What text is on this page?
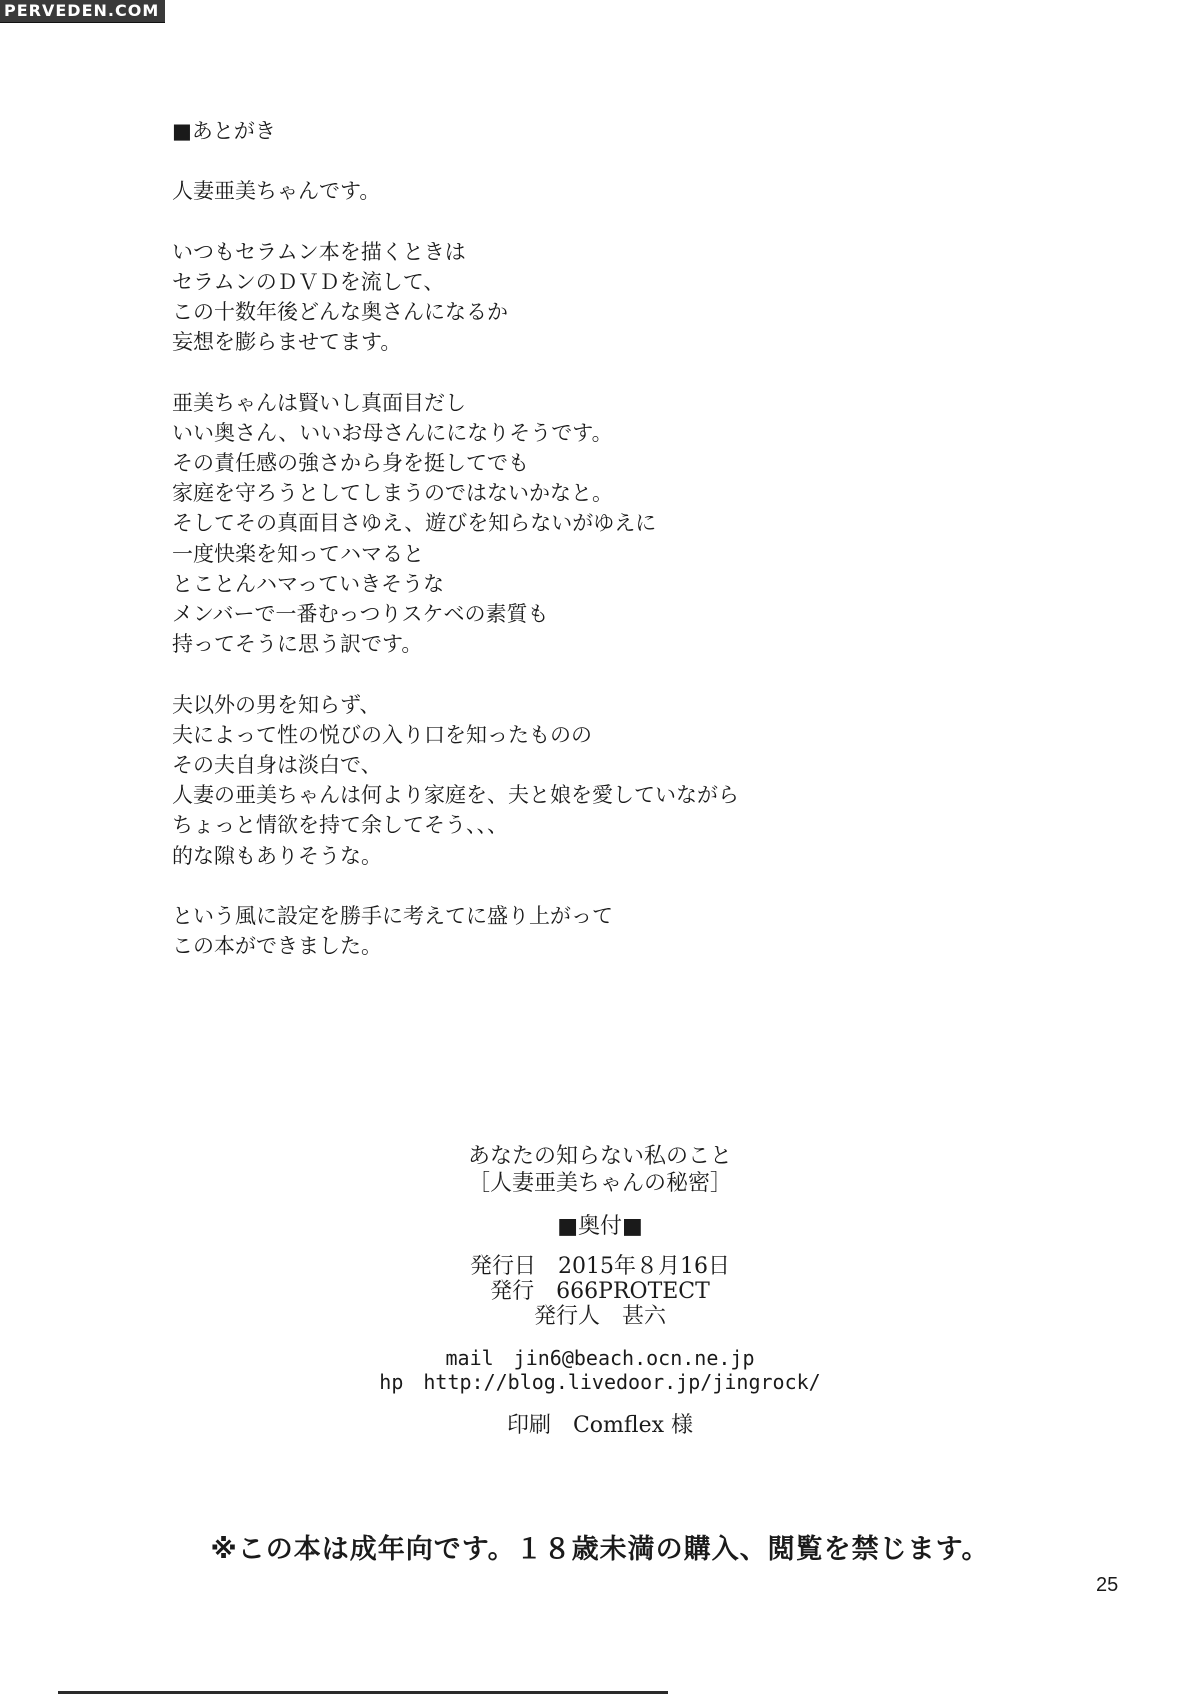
PERVEDEN.COM
■あとがき
人妻亜美ちゃんです。
いつもセラムン本を描くときは
セラムンのＤＶＤを流して、
この十数年後どんな奥さんになるか
妄想を膨らませてます。
亜美ちゃんは賢いし真面目だし
いい奥さん、いいお母さんにになりそうです。
その責任感の強さから身を挺してでも
家庭を守ろうとしてしまうのではないかなと。
そしてその真面目さゆえ、遊びを知らないがゆえに
一度快楽を知ってハマると
とことんハマっていきそうな
メンバーで一番むっつりスケベの素質も
持ってそうに思う訳です。
夫以外の男を知らず、
夫によって性の悦びの入り口を知ったものの
その夫自身は淡白で、
人妻の亜美ちゃんは何より家庭を、夫と娘を愛していながら
ちょっと情欲を持て余してそう、、、
的な隙もありそうな。
という風に設定を勝手に考えてに盛り上がって
この本ができました。
あなたの知らない私のこと
［人妻亜美ちゃんの秘密］
■奥付■
発行日　2015年８月16日
発行　666PROTECT
発行人　甚六
mail　jin6@beach.ocn.ne.jp
hp　http://blog.livedoor.jp/jingrock/
印刷　Comflex 様
※この本は成年向です。１８歳未満の購入、閲覧を禁じます。
25
